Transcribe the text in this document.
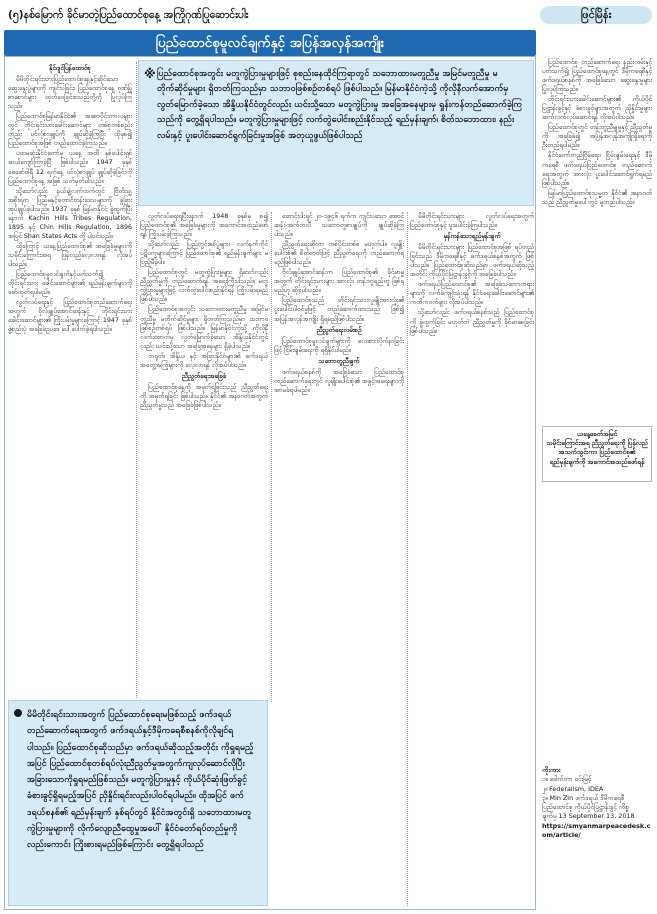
(၅)နစ်မြောက် ခိုင်မာတဲ့ပြည်ထောင်စုနေ့ အကြိုဂုဏ်ပြုဆောင်းပါး	ဖြင်မြိန်း
ပြည်ထောင်စုမူလင်ချက်နှင့် အပြန်အလှန်အကျိုး

နိုင်ဂျင်ပြန်ထောင်စု

မိမိတိုင်းရင်းသားပြည်ထောင်စုနေ့နှင့်ဆိုင်သော ဆွေးနွေးပွဲများကို ကျင်းပခြင်း၊ ပြည်ထောင်စုနေ့ ဂုဏ်ပြုစာစောင်များ ထုတ်ဝေခြင်းစသည်တို့ကို ပြုလုပ်ကြသည်။

ပြည်ထောင်စုမြန်မာနိုင်ငံ၏ အစောပိုင်းကာလများတွင် တိုင်းရင်းသားခေါင်းဆောင်များ တစ်စုတစ်စည်းတည်း ပင်လုံစာချုပ်ကို ချုပ်ဆိုခဲ့ကြပြီး ထိုမှစ၍ ပြည်ထောင်စုအဖြစ် တည်ထောင်ခဲ့ကြသည်။

ပထမဆုံးနိုင်ငံတော်မှ ယနေ့ အထိ နှစ်ပေါင်းရှစ်ဆယ်ကျော်ကြာခဲ့ပြီ ဖြစ်ပါသည်။ 1947 ခုနှစ် ဖေဖော်ဝါရီ 12 ရက်နေ့ ပင်လုံစာချုပ် ချုပ်ဆိုခဲ့ခြင်းကို ပြည်ထောင်စုနေ့ အဖြစ် သတ်မှတ်ပါသည်။

သို့သော်လည်း နယ်ချဲ့လက်ထက်တွင် ဗြိတိသျှအစိုးရက ပြည်မနှင့်တောင်တန်းဒေသများကို ခွဲခြားအုပ်ချုပ်ခဲ့ပါသည်။ 1937 ခုနှစ် မြန်မာနိုင်ငံ ခွဲထွက်ပြီးနောက် Kachin Hills Tribes Regulation, 1895 နှင့် Chin Hills Regulation, 1896 အပြင် Shan States Acts တို့ ပါဝင်သည်။

ထို့ကြောင့် ယနေ့ပြည်ထောင်စု၏ အခြေခံမူများကို သမိုင်းကြောင်းအရ ပြန်လည်လေ့လာရန် လိုအပ်ပါသည်။

ပြည်ထောင်စုမူလင်ချက်နှင့်ပတ်သက်၍ တိုင်းရင်းသား ခေါင်းဆောင်များ၏ ရည်မှန်းချက်များကို ဖော်ထုတ်ရပါမည်။

လွတ်လပ်ရေးနှင့် ပြည်ထောင်စုတည်ဆောက်ရေးအတွက် ဗိုလ်ချုပ်အောင်ဆန်းနှင့် တိုင်းရင်းသား ခေါင်းဆောင်များ၏ ကြိုးပမ်းမှုများကြောင့် 1947 ခုနှစ် ဖွဲ့စည်းပုံ အခြေခံဥပဒေ ပေါ်ပေါက်ခဲ့ရပါသည်။

※ ပြည်ထောင်စုအတွင်း မတူကွဲပြားမှုများဖြင့် စုစည်းနေထိုင်ကြရာတွင် သဘောထားမတူညီမှု အမြင်မတူညီမှု မတိုက်ဆိုင်မှုများ ရှိတတ်ကြသည်မှာ သဘာဝဖြစ်စဉ်တစ်ရပ် ဖြစ်ပါသည်။ မြန်မာနိုင်ငံကဲ့သို့ ကိုလိုနီလက်အောက်မှ လွတ်မြောက်ခဲ့သော အိန္ဒိယနိုင်ငံတွင်လည်း ယင်းသို့သော မတူကွဲပြားမှု အခြေအနေများမှ ရှုန်းကန်တည်ဆောက်ခဲ့ကြသည်ကို တွေ့ရှိရပါသည်။ မတူကွဲပြားမှုများဖြင့် လက်တွဲပေါင်းစည်းနိုင်သည့် ရည်မှန်းချက်၊ စိတ်သဘောထား၊ နည်းလမ်းနှင့် ပူးပေါင်းဆောင်ရွက်ခြင်းမှုအဖြစ် အတုယူဖွယ်ဖြစ်ပါသည်

လွတ်လပ်ရေးရပြီးနောက် 1948 ခုနှစ်မှ စ၍ ပြည်ထောင်စု၏ အခြေခံမူများကို အကောင်အထည်ဖော်ရန် ကြိုးပမ်းခဲ့ကြသည်။

သို့သော်လည်း ပြည်တွင်းစစ်ပွဲများ၊ လက်နက်ကိုင်ပဋိပက္ခများကြောင့် ပြည်ထောင်စု၏ ရည်မှန်းချက်များ မပြည့်မီခဲ့ပါ။

ပြည်ထောင်စုတွင် မတူကွဲပြားမှုများ ရှိသော်လည်း ညီညွတ်မှုကို တည်ဆောက်ရန် အရေးကြီးပါသည်။ မတူကွဲပြားမှုများဖြင့် လက်တွဲပေါင်းစည်းနိုင်ရန် ကြိုးပမ်းရမည် ဖြစ်ပါသည်။

ပြည်ထောင်စုအတွင်း သဘောထားမတူညီမှု အမြင်မတူညီမှု မတိုက်ဆိုင်မှုများ ရှိတတ်ကြသည်မှာ သဘာဝဖြစ်စဉ်တစ်ရပ် ဖြစ်ပါသည်။ မြန်မာနိုင်ငံကဲ့သို့ ကိုလိုနီလက်အောက်မှ လွတ်မြောက်ခဲ့သော အိန္ဒိယနိုင်ငံတွင်လည်း ယင်းသို့သော အခြေအနေများ ရှိခဲ့ပါသည်။

တရုတ်၊ အိန္ဒိယ နှင့် အခြားနိုင်ငံများ၏ ဖက်ဒရယ်အတွေ့အကြုံများကို လေ့လာရန် လိုအပ်ပါသည်။

ညီညွတ်ရေးအခြေခံ

ပြည်ထောင်စုနေ့ကို အမှတ်ရခြင်းသည် ညီညွတ်ရေးကို အမှတ်ရခြင်း ဖြစ်ပါသည်။ နိုင်ငံ၏ အနာဂတ်အတွက် ညီညွတ်မှုသည် အခြေခံဖြစ်ပါသည်။

ဆောင်းပါးရှင် ၂၀-၁၉၄၆ ရက်က ကျင်းပသော အောင်ဆန်း-အက်တလီ သဘောတူစာချုပ်ကို ချုပ်ဆိုခဲ့ကြပါသည်။

ညီညွတ်ရေးဆိုတာ တစ်ပိုင်းတစ်စ မဟုတ်ပါ။ လူမျိုးပေါင်းစုံ၏ စိတ်ဓာတ်ဖြင့် ညီညွတ်ရေးကို တည်ဆောက်ရမည်ဖြစ်ပါသည်။

ဗိုလ်ချုပ်အောင်ဆန်းက ပြည်ထောင်စု၏ ခိုင်မာမှုအတွက် တိုင်းရင်းသားများ အားလုံး တန်းတူရည်တူ ဖြစ်ရမည်ဟု ဆိုခဲ့ပါသည်။

ပြည်ထောင်စုသည် တိုင်းရင်းသားလူမျိုးအားလုံး၏ ပူးပေါင်းပါဝင်မှုဖြင့် တည်ဆောက်ထားသည် ဖြစ်၍ အပြန်အလှန်အကျိုး ရှိရမည်ဖြစ်ပါသည်။

ညီညွတ်ရေးလမ်းစဉ်

ပြည်ထောင်စုမူလင်ချက်များကို လေးစားလိုက်နာခြင်းဖြင့် ငြိမ်းချမ်းရေးကို ရရှိနိုင်ပါမည်။

သဘောတူညီချက်

ဖက်ဒရယ်စနစ်ကို အခြေခံသော ပြည်ထောင်စုတည်ဆောက်ရေးတွင် လူမျိုးပေါင်းစုံ၏ အခွင့်အရေးများကို အာမခံရပါမည်။

မိမိတိုင်းရင်းသားများ လွတ်လပ်ရေးအတွက် ပြည်ထောင်စုနှင့် ပူးပေါင်းခဲ့ကြပါသည်။

မှန်ကန်သောရည်မှန်းချက်

မိမိတိုင်းရင်းသားများ ပြည်ထောင်စုအဖြစ် ရပ်တည်ခြင်းသည် ဒီမိုကရေစီနှင့် ဖက်ဒရယ်စနစ်အတွက် ဖြစ်ပါသည်။ ပြည်ထောင်စုဆိုသည်မှာ ဖက်ဒရယ်ဆိုသည့်အတိုင်း ကိုယ်ပိုင်ပြဋ္ဌာန်းခွင့်ကို အခြေခံပါသည်။

ဖက်ဒရယ်ပြည်ထောင်စု၏ အခြေခံသဘောတရားများကို လက်ခံကျင့်သုံးရန် နိုင်ငံရေးခေါင်းဆောင်များ၏ ကတိကဝတ်များ လိုအပ်ပါသည်။

သို့သော်လည်း ဖက်ဒရယ်စနစ်သည် ပြည်ထောင်စုကို ခွဲထွက်ခြင်း မဟုတ်ဘဲ ညီညွတ်မှုကို ခိုင်မာစေခြင်း ဖြစ်ပါသည်။

မိမိတိုင်းရင်းသားအတွက် ပြည်ထောင်စုရေးမဖြစ်သည့် ဖက်ဒရယ် တည်ဆောက်ရေးအတွက် ဖက်ဒရယ်နှင့်ဒီမိုကရေစီစနစ်ကိုလိုချင်ရပါသည်။ ပြည်ထောင်စုဆိုသည်မှာ ဖက်ဒရယ်ဆိုသည့်အတိုင်း ကိုရှုရမည့်အပြင် ပြည်ထောင်စုတစ်ရပ်လုံးညီညွတ်မှုအတွက်ကျလုပ်ဆောင်လိုပြီး အခြားသောကိုရှုရမည်ဖြစ်သည်။ မတူကွဲပြားမှုနှင့် ကိုယ်ပိုင်ဆုံးဖြတ်ခွင့်ခံစားခွင့်ရှိရမည့်အပြင် ညှိနှိုင်းရင်းလည်းပါဝင်ရပါမည်။ ထိုအပြင် ဖက်ဒရယ်စနစ်၏ ရည်မှန်းချက် နှစ်ရပ်တွင် နိုင်ငံအတွင်းရှိ သဘောထားမတူကွဲပြားမှုများကို လိုက်လျောညီထွေမှုအပေါ် နိုင်ငံတော်ရပ်တည်မှုကို လည်းကောင်း ကြိုးစားရမည်ဖြစ်ကြောင်း တွေ့ရှိရပါသည်

ပြည်ထောင်စု တည်ဆောက်ရေး နည်းလမ်းနှင့်ပတ်သက်၍ ပြည်ထောင်စုနေ့တွင် ဒီမိုကရေစီနှင့် ဖက်ဒရယ်စနစ်ကို အခြေခံသော ဆွေးနွေးမှုများ ပြုလုပ်ကြသည်။

တိုင်းရင်းသားခေါင်းဆောင်များ၏ ကိုယ်ပိုင်ပြဋ္ဌာန်းခွင့်နှင့် ခံစားခွင့်များအတွက် ညှိနှိုင်းမှုများ ဆက်လက်လုပ်ဆောင်ရန် လိုအပ်ပါသည်။

ပြည်ထောင်စုတွင် တန်းတူညီမျှမှုနှင့် ညီညွတ်မှုကို အခြေခံ၍ အပြန်အလှန်အကျိုးရှိရေးကို ဦးတည်ရပါမည်။

နိုင်ငံတော်တည်ငြိမ်ရေး၊ ငြိမ်းချမ်းရေးနှင့် ဒီမိုကရေစီ ဖက်ဒရယ်ပြည်ထောင်စု တည်ဆောက်ရေးအတွက် အားလုံး ပူးပေါင်းဆောင်ရွက်ရမည်ဖြစ်ပါသည်။

မြန်မာပြည်ထောင်စုသမ္မတ နိုင်ငံ၏ အနာဂတ်သည် ညီညွတ်မှုပေါ်တွင် မူတည်ပါသည်။

ယနေ့ခေတ်အမြင်
သမိုင်းကြောင်းအရ ညီညွတ်ရေးကို ပြန်လည်အသက်သွင်းကာ ပြည်ထောင်စု၏ ရည်မှန်းချက်ကို အကောင်အထည်ဖော်ရန်
ကိုးကား
၁။ ဒေါက်တာ ဝင်းမြင့်
၂။ Federalism, IDEA
၃။ Min Zin ဖက်ဒရယ် ဒီမိုကရေစီ ပြည်ထောင်စု ကိုယ်ပိုင်ပြဋ္ဌာန်းခွင့် ကိစ္စ
ချက်မှ 13 September 13, 2018
https://smyanmarpeacedesk.com/article/
